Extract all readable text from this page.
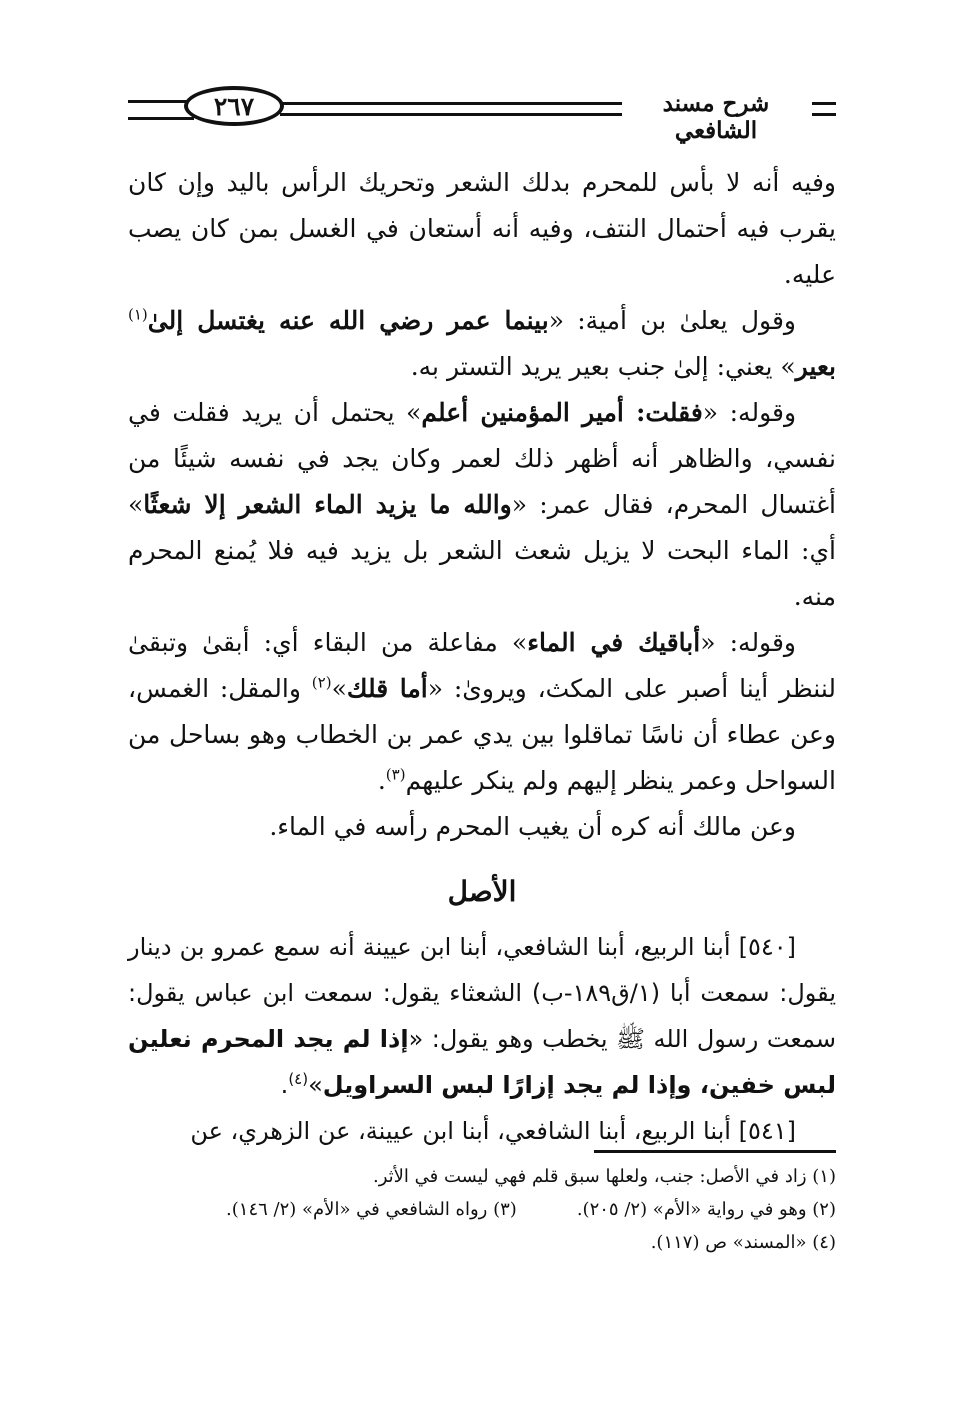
٢٦٧	شرح مسند الشافعي

وفيه أنه لا بأس للمحرم بدلك الشعر وتحريك الرأس باليد وإن كان يقرب فيه أحتمال النتف، وفيه أنه أستعان في الغسل بمن كان يصب عليه.

وقول يعلىٰ بن أمية: «بينما عمر رضي الله عنه يغتسل إلىٰ$^{(١)}$ بعير» يعني: إلىٰ جنب بعير يريد التستر به.

وقوله: «فقلت: أمير المؤمنين أعلم» يحتمل أن يريد فقلت في نفسي، والظاهر أنه أظهر ذلك لعمر وكان يجد في نفسه شيئًا من أغتسال المحرم، فقال عمر: «والله ما يزيد الماء الشعر إلا شعثًا» أي: الماء البحت لا يزيل شعث الشعر بل يزيد فيه فلا يُمنع المحرم منه.

وقوله: «أباقيك في الماء» مفاعلة من البقاء أي: أبقىٰ وتبقىٰ لننظر أينا أصبر على المكث، ويروىٰ: «أما قلك»$^{(٢)}$ والمقل: الغمس، وعن عطاء أن ناسًا تماقلوا بين يدي عمر بن الخطاب وهو بساحل من السواحل وعمر ينظر إليهم ولم ينكر عليهم$^{(٣)}$.

وعن مالك أنه كره أن يغيب المحرم رأسه في الماء.

الأصل

[٥٤٠] أبنا الربيع، أبنا الشافعي، أبنا ابن عيينة أنه سمع عمرو بن دينار يقول: سمعت أبا (١/ق١٨٩-ب) الشعثاء يقول: سمعت ابن عباس يقول: سمعت رسول الله ﷺ يخطب وهو يقول: «إذا لم يجد المحرم نعلين لبس خفين، وإذا لم يجد إزارًا لبس السراويل»$^{(٤)}$.

[٥٤١] أبنا الربيع، أبنا الشافعي، أبنا ابن عيينة، عن الزهري، عن

(١) زاد في الأصل: جنب، ولعلها سبق قلم فهي ليست في الأثر.
(٢) وهو في رواية «الأم» (٢/ ٢٠٥).
(٣) رواه الشافعي في «الأم» (٢/ ١٤٦).
(٤) «المسند» ص (١١٧).
